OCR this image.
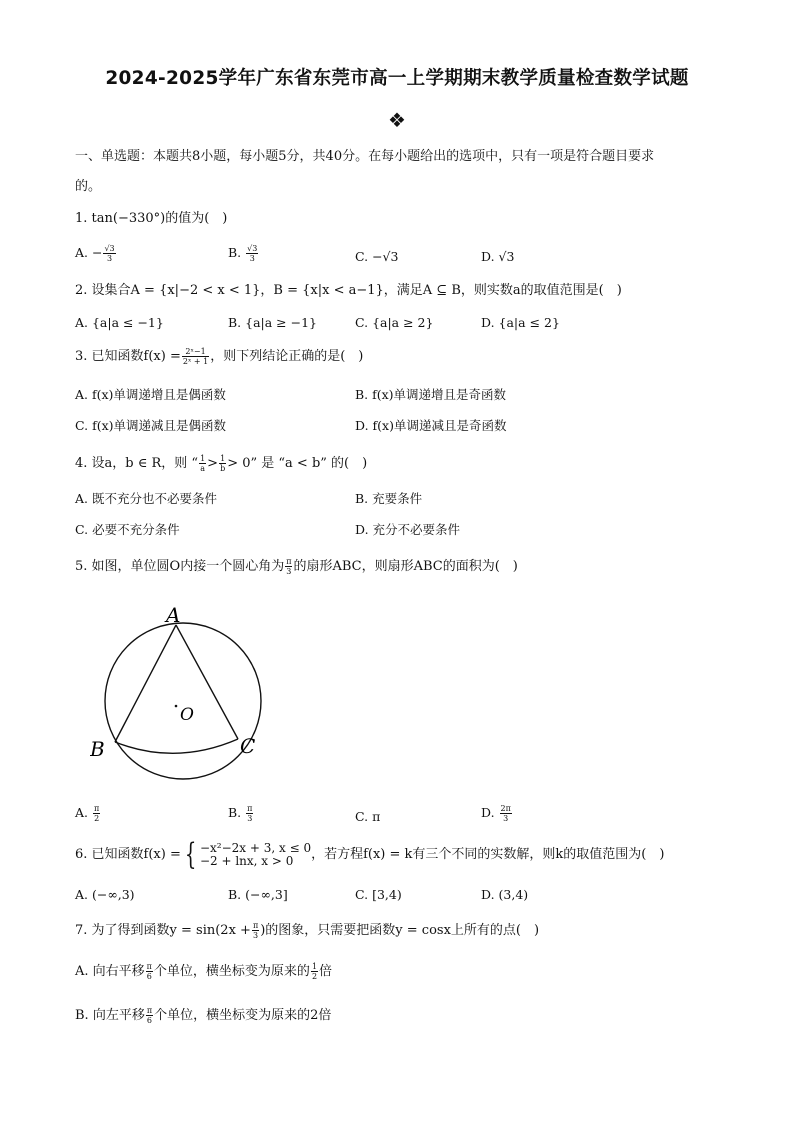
2024-2025学年广东省东莞市高一上学期期末教学质量检查数学试题
❖
一、单选题：本题共8小题，每小题5分，共40分。在每小题给出的选项中，只有一项是符合题目要求
的。
1. tan(−330°)的值为(　)
A. − $\frac{√3}{3}$	B. $\frac{√3}{3}$	C. −√3	D. √3
2. 设集合A = {x|−2 < x < 1}，B = {x|x < a−1}，满足A ⊆ B，则实数a的取值范围是(　)
A. {a|a ≤ −1}	B. {a|a ≥ −1}	C. {a|a ≥ 2}	D. {a|a ≤ 2}
3. 已知函数$f(x) = \frac{\text{2ˣ−1}}{\text{2ˣ + 1}}$ ，则下列结论正确的是(　)
A. f(x)单调递增且是偶函数	B. f(x)单调递增且是奇函数
C. f(x)单调递减且是偶函数	D. f(x)单调递减且是奇函数
4. 设a，b ∈ R，则 “ $\frac{1}{a} > \frac{1}{b} > 0$” 是 “a < b” 的(　)
A. 既不充分也不必要条件	B. 充要条件
C. 必要不充分条件	D. 充分不必要条件
5. 如图，单位圆O内接一个圆心角为 $\frac{\pi}{3}$ 的扇形ABC，则扇形ABC的面积为(　)
A
B	C
O
A. $\frac{\pi}{2}$	B. $\frac{\pi}{3}$	C. π	D. $\frac{2\pi}{3}$
6. 已知函数f(x) = { −x²−2x + 3, x ≤ 0
−2 + lnx, x > 0	，若方程f(x) = k有三个不同的实数解，则k的取值范围为(　)
A. (−∞,3)	B. (−∞,3]	C. [3,4)	D. (3,4)
7. 为了得到函数$y = \sin(2x + \frac{\pi}{3}$ )的图象，只需要把函数y = cosx上所有的点(　)
A. 向右平移 $\frac{\pi}{6}$ 个单位，横坐标变为原来的 $\frac{1}{2}$ 倍
B. 向左平移 $\frac{\pi}{6}$ 个单位，横坐标变为原来的2倍
